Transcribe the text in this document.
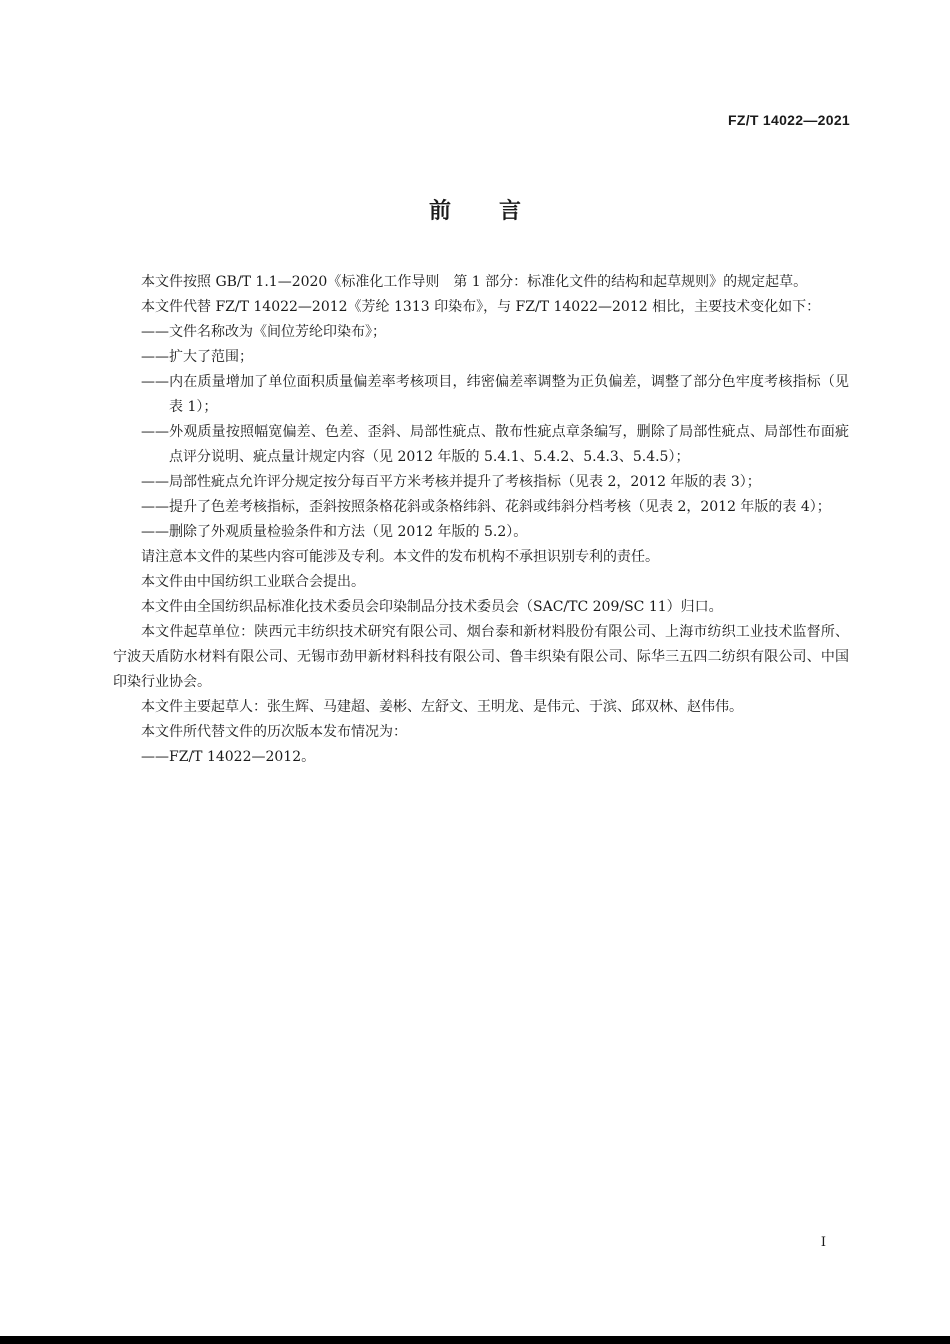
FZ/T 14022—2021
前言

本文件按照 GB/T 1.1—2020《标准化工作导则　第 1 部分：标准化文件的结构和起草规则》的规定起草。

本文件代替 FZ/T 14022—2012《芳纶 1313 印染布》，与 FZ/T 14022—2012 相比，主要技术变化如下：

——文件名称改为《间位芳纶印染布》；

——扩大了范围；

——内在质量增加了单位面积质量偏差率考核项目，纬密偏差率调整为正负偏差，调整了部分色牢度考核指标（见表 1）；

——外观质量按照幅宽偏差、色差、歪斜、局部性疵点、散布性疵点章条编写，删除了局部性疵点、局部性布面疵点评分说明、疵点量计规定内容（见 2012 年版的 5.4.1、5.4.2、5.4.3、5.4.5）；

——局部性疵点允许评分规定按分每百平方米考核并提升了考核指标（见表 2，2012 年版的表 3）；

——提升了色差考核指标，歪斜按照条格花斜或条格纬斜、花斜或纬斜分档考核（见表 2，2012 年版的表 4）；

——删除了外观质量检验条件和方法（见 2012 年版的 5.2）。

请注意本文件的某些内容可能涉及专利。本文件的发布机构不承担识别专利的责任。

本文件由中国纺织工业联合会提出。

本文件由全国纺织品标准化技术委员会印染制品分技术委员会（SAC/TC 209/SC 11）归口。

本文件起草单位：陕西元丰纺织技术研究有限公司、烟台泰和新材料股份有限公司、上海市纺织工业技术监督所、宁波天盾防水材料有限公司、无锡市劲甲新材料科技有限公司、鲁丰织染有限公司、际华三五四二纺织有限公司、中国印染行业协会。

本文件主要起草人：张生辉、马建超、姜彬、左舒文、王明龙、是伟元、于滨、邱双林、赵伟伟。

本文件所代替文件的历次版本发布情况为：

——FZ/T 14022—2012。

I
